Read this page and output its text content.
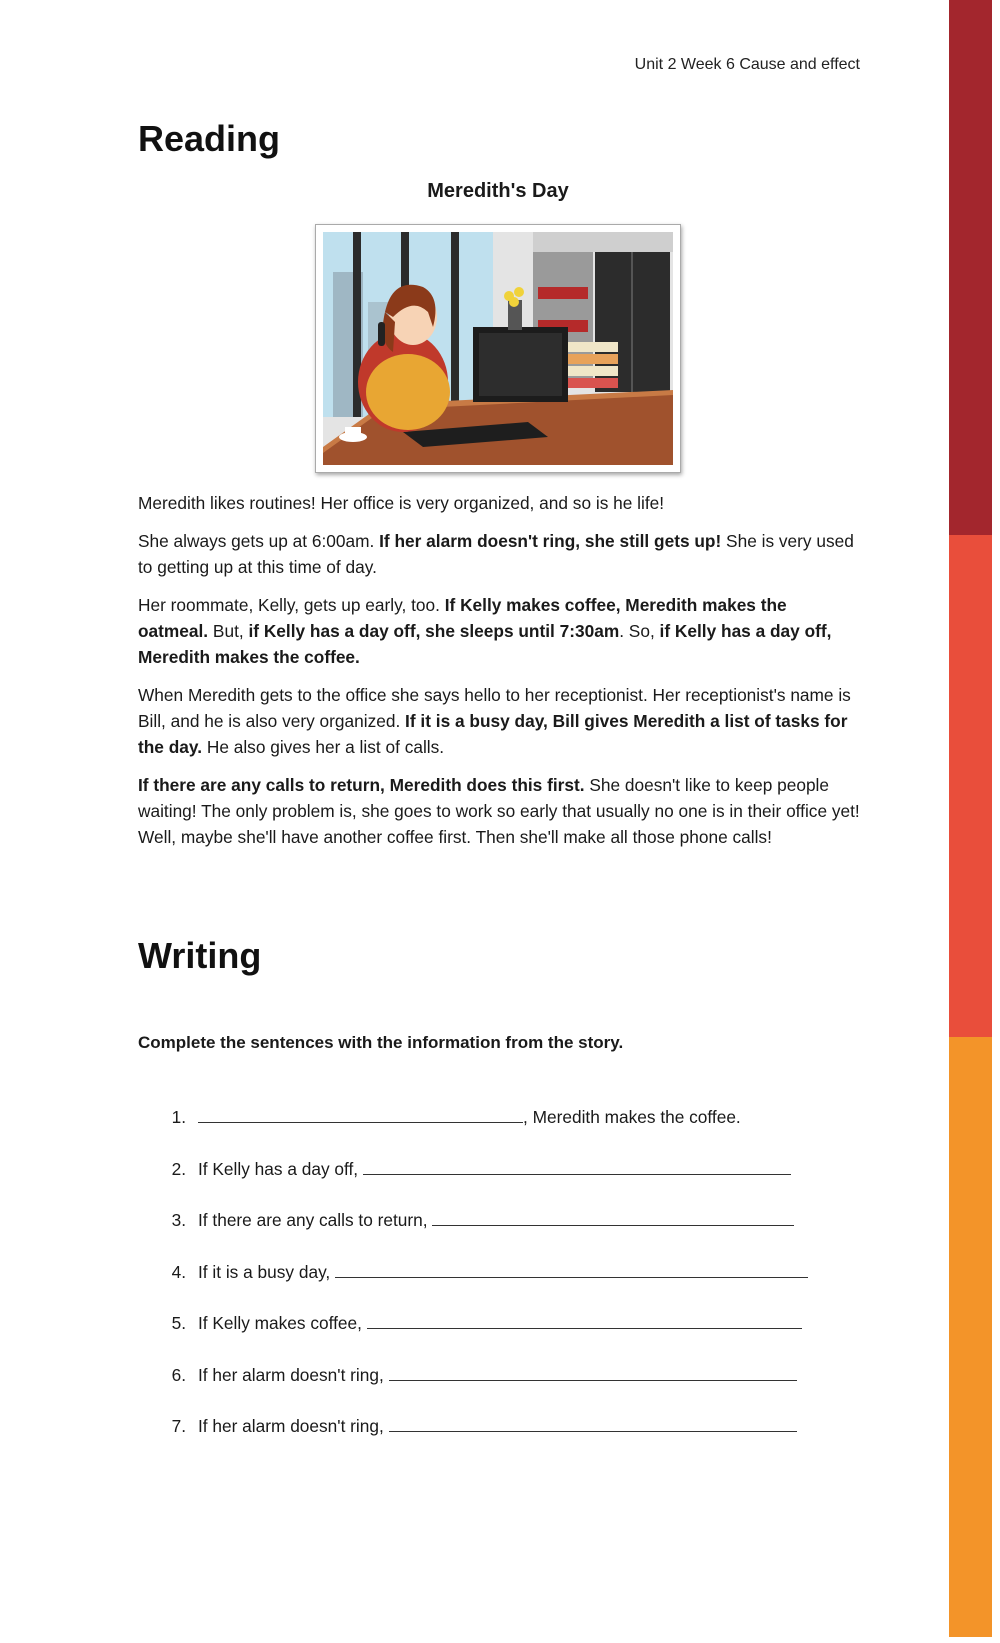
Unit 2 Week 6 Cause and effect
Reading
Meredith's Day

Meredith likes routines! Her office is very organized, and so is he life!

She always gets up at 6:00am. If her alarm doesn't ring, she still gets up! She is very used to getting up at this time of day.

Her roommate, Kelly, gets up early, too. If Kelly makes coffee, Meredith makes the oatmeal. But, if Kelly has a day off, she sleeps until 7:30am. So, if Kelly has a day off, Meredith makes the coffee.

When Meredith gets to the office she says hello to her receptionist. Her receptionist's name is Bill, and he is also very organized. If it is a busy day, Bill gives Meredith a list of tasks for the day. He also gives her a list of calls.

If there are any calls to return, Meredith does this first. She doesn't like to keep people waiting! The only problem is, she goes to work so early that usually no one is in their office yet! Well, maybe she'll have another coffee first. Then she'll make all those phone calls!

Writing
Complete the sentences with the information from the story.
1.	, Meredith makes the coffee.
2. If Kelly has a day off,
3. If there are any calls to return,
4. If it is a busy day,
5. If Kelly makes coffee,
6. If her alarm doesn't ring,
7. If her alarm doesn't ring,
